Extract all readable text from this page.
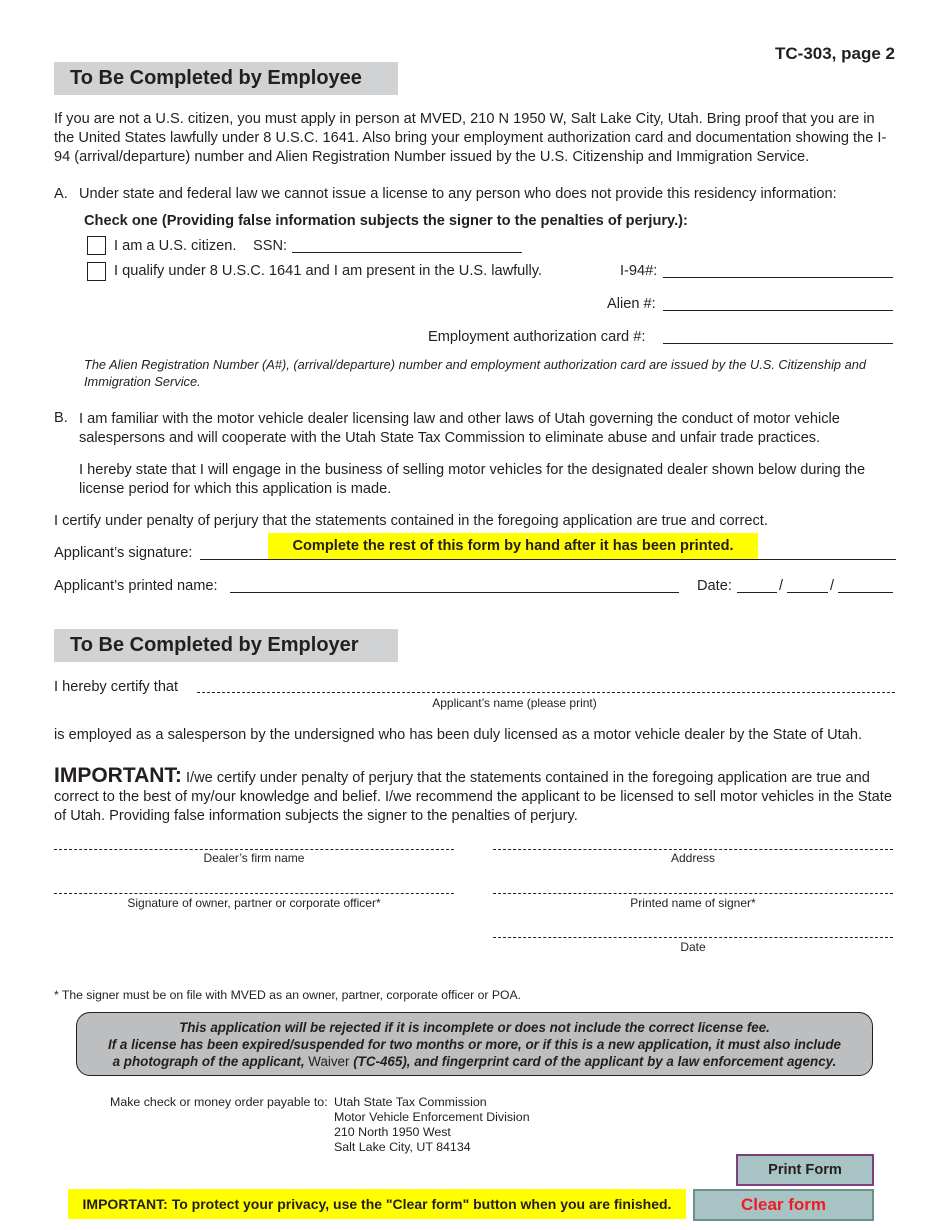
TC-303, page 2
To Be Completed by Employee

If you are not a U.S. citizen, you must apply in person at MVED, 210 N 1950 W, Salt Lake City, Utah. Bring proof that you are in the United States lawfully under 8 U.S.C. 1641. Also bring your employment authorization card and documentation showing the I-94 (arrival/departure) number and Alien Registration Number issued by the U.S. Citizenship and Immigration Service.

A. Under state and federal law we cannot issue a license to any person who does not provide this residency information:
Check one (Providing false information subjects the signer to the penalties of perjury.):
I am a U.S. citizen. SSN:
I qualify under 8 U.S.C. 1641 and I am present in the U.S. lawfully.	I-94#:
Alien #:
Employment authorization card #:

The Alien Registration Number (A#), (arrival/departure) number and employment authorization card are issued by the U.S. Citizenship and Immigration Service.

B. I am familiar with the motor vehicle dealer licensing law and other laws of Utah governing the conduct of motor vehicle salespersons and will cooperate with the Utah State Tax Commission to eliminate abuse and unfair trade practices.

I hereby state that I will engage in the business of selling motor vehicles for the designated dealer shown below during the license period for which this application is made.

I certify under penalty of perjury that the statements contained in the foregoing application are true and correct.
Applicant’s signature:	Complete the rest of this form by hand after it has been printed.
Applicant’s printed name:	Date:	/	/
To Be Completed by Employer
I hereby certify that
Applicant’s name (please print)
is employed as a salesperson by the undersigned who has been duly licensed as a motor vehicle dealer by the State of Utah.

IMPORTANT: I/we certify under penalty of perjury that the statements contained in the foregoing application are true and correct to the best of my/our knowledge and belief. I/we recommend the applicant to be licensed to sell motor vehicles in the State of Utah. Providing false information subjects the signer to the penalties of perjury.

Dealer’s firm name	Address
Signature of owner, partner or corporate officer*	Printed name of signer*
Date
* The signer must be on file with MVED as an owner, partner, corporate officer or POA.
This application will be rejected if it is incomplete or does not include the correct license fee.
If a license has been expired/suspended for two months or more, or if this is a new application, it must also include
a photograph of the applicant, Waiver (TC-465), and fingerprint card of the applicant by a law enforcement agency.
Make check or money order payable to: Utah State Tax Commission
Motor Vehicle Enforcement Division
210 North 1950 West
Salt Lake City, UT 84134
Print Form
IMPORTANT: To protect your privacy, use the "Clear form" button when you are finished.	Clear form
